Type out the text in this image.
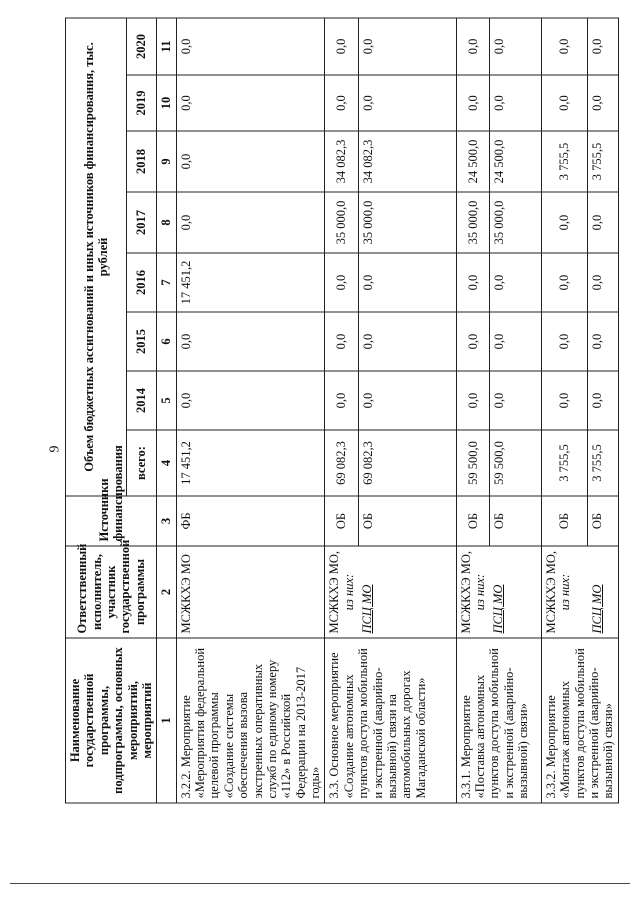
9
Наименование государственной программы, подпрограммы, основных мероприятий, мероприятий	Ответственный исполнитель, участник государственной программы	Источники финансирования	Объем бюджетных ассигнований и иных источников финансирования, тыс. рублей							
			всего:	2014	2015	2016	2017	2018	2019	2020
1	2	3	4	5	6	7	8	9	10	11
3.2.2. Мероприятие «Мероприятия федеральной целевой программы «Создание системы обеспечения вызова экстренных оперативных служб по единому номеру «112» в Российской Федерации на 2013-2017 годы»	МСЖКХЭ МО	ФБ	17 451,2	0,0	0,0	17 451,2	0,0	0,0	0,0	0,0
3.3. Основное мероприятие «Создание автономных пунктов доступа мобильной и экстренной (аварийно-вызывной) связи на автомобильных дорогах Магаданской области»	МСЖКХЭ МО, из них:	ОБ	69 082,3	0,0	0,0	0,0	35 000,0	34 082,3	0,0	0,0
	ПСЦ МО	ОБ	69 082,3	0,0	0,0	0,0	35 000,0	34 082,3	0,0	0,0
3.3.1. Мероприятие «Поставка автономных пунктов доступа мобильной и экстренной (аварийно-вызывной) связи»	МСЖКХЭ МО, из них:	ОБ	59 500,0	0,0	0,0	0,0	35 000,0	24 500,0	0,0	0,0
	ПСЦ МО	ОБ	59 500,0	0,0	0,0	0,0	35 000,0	24 500,0	0,0	0,0
3.3.2. Мероприятие «Монтаж автономных пунктов доступа мобильной и экстренной (аварийно-вызывной) связи»	МСЖКХЭ МО, из них:	ОБ	3 755,5	0,0	0,0	0,0	0,0	3 755,5	0,0	0,0
	ПСЦ МО	ОБ	3 755,5	0,0	0,0	0,0	0,0	3 755,5	0,0	0,0
